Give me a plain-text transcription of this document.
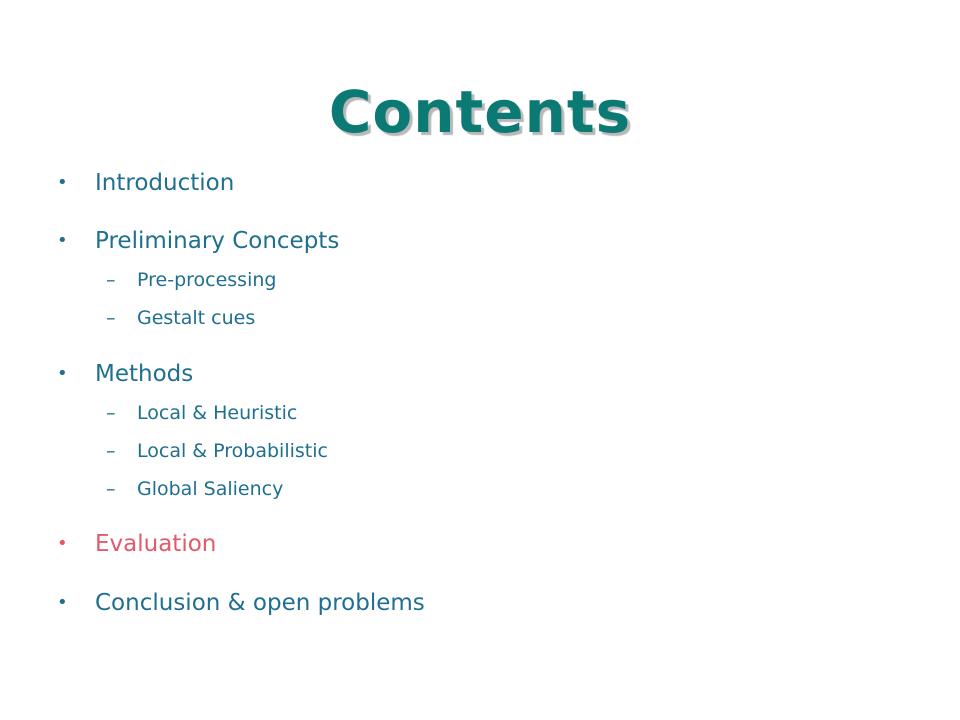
Contents
•	Introduction
•	Preliminary Concepts
–	Pre-processing
–	Gestalt cues
•	Methods
–	Local & Heuristic
–	Local & Probabilistic
–	Global Saliency
•	Evaluation
•	Conclusion & open problems
